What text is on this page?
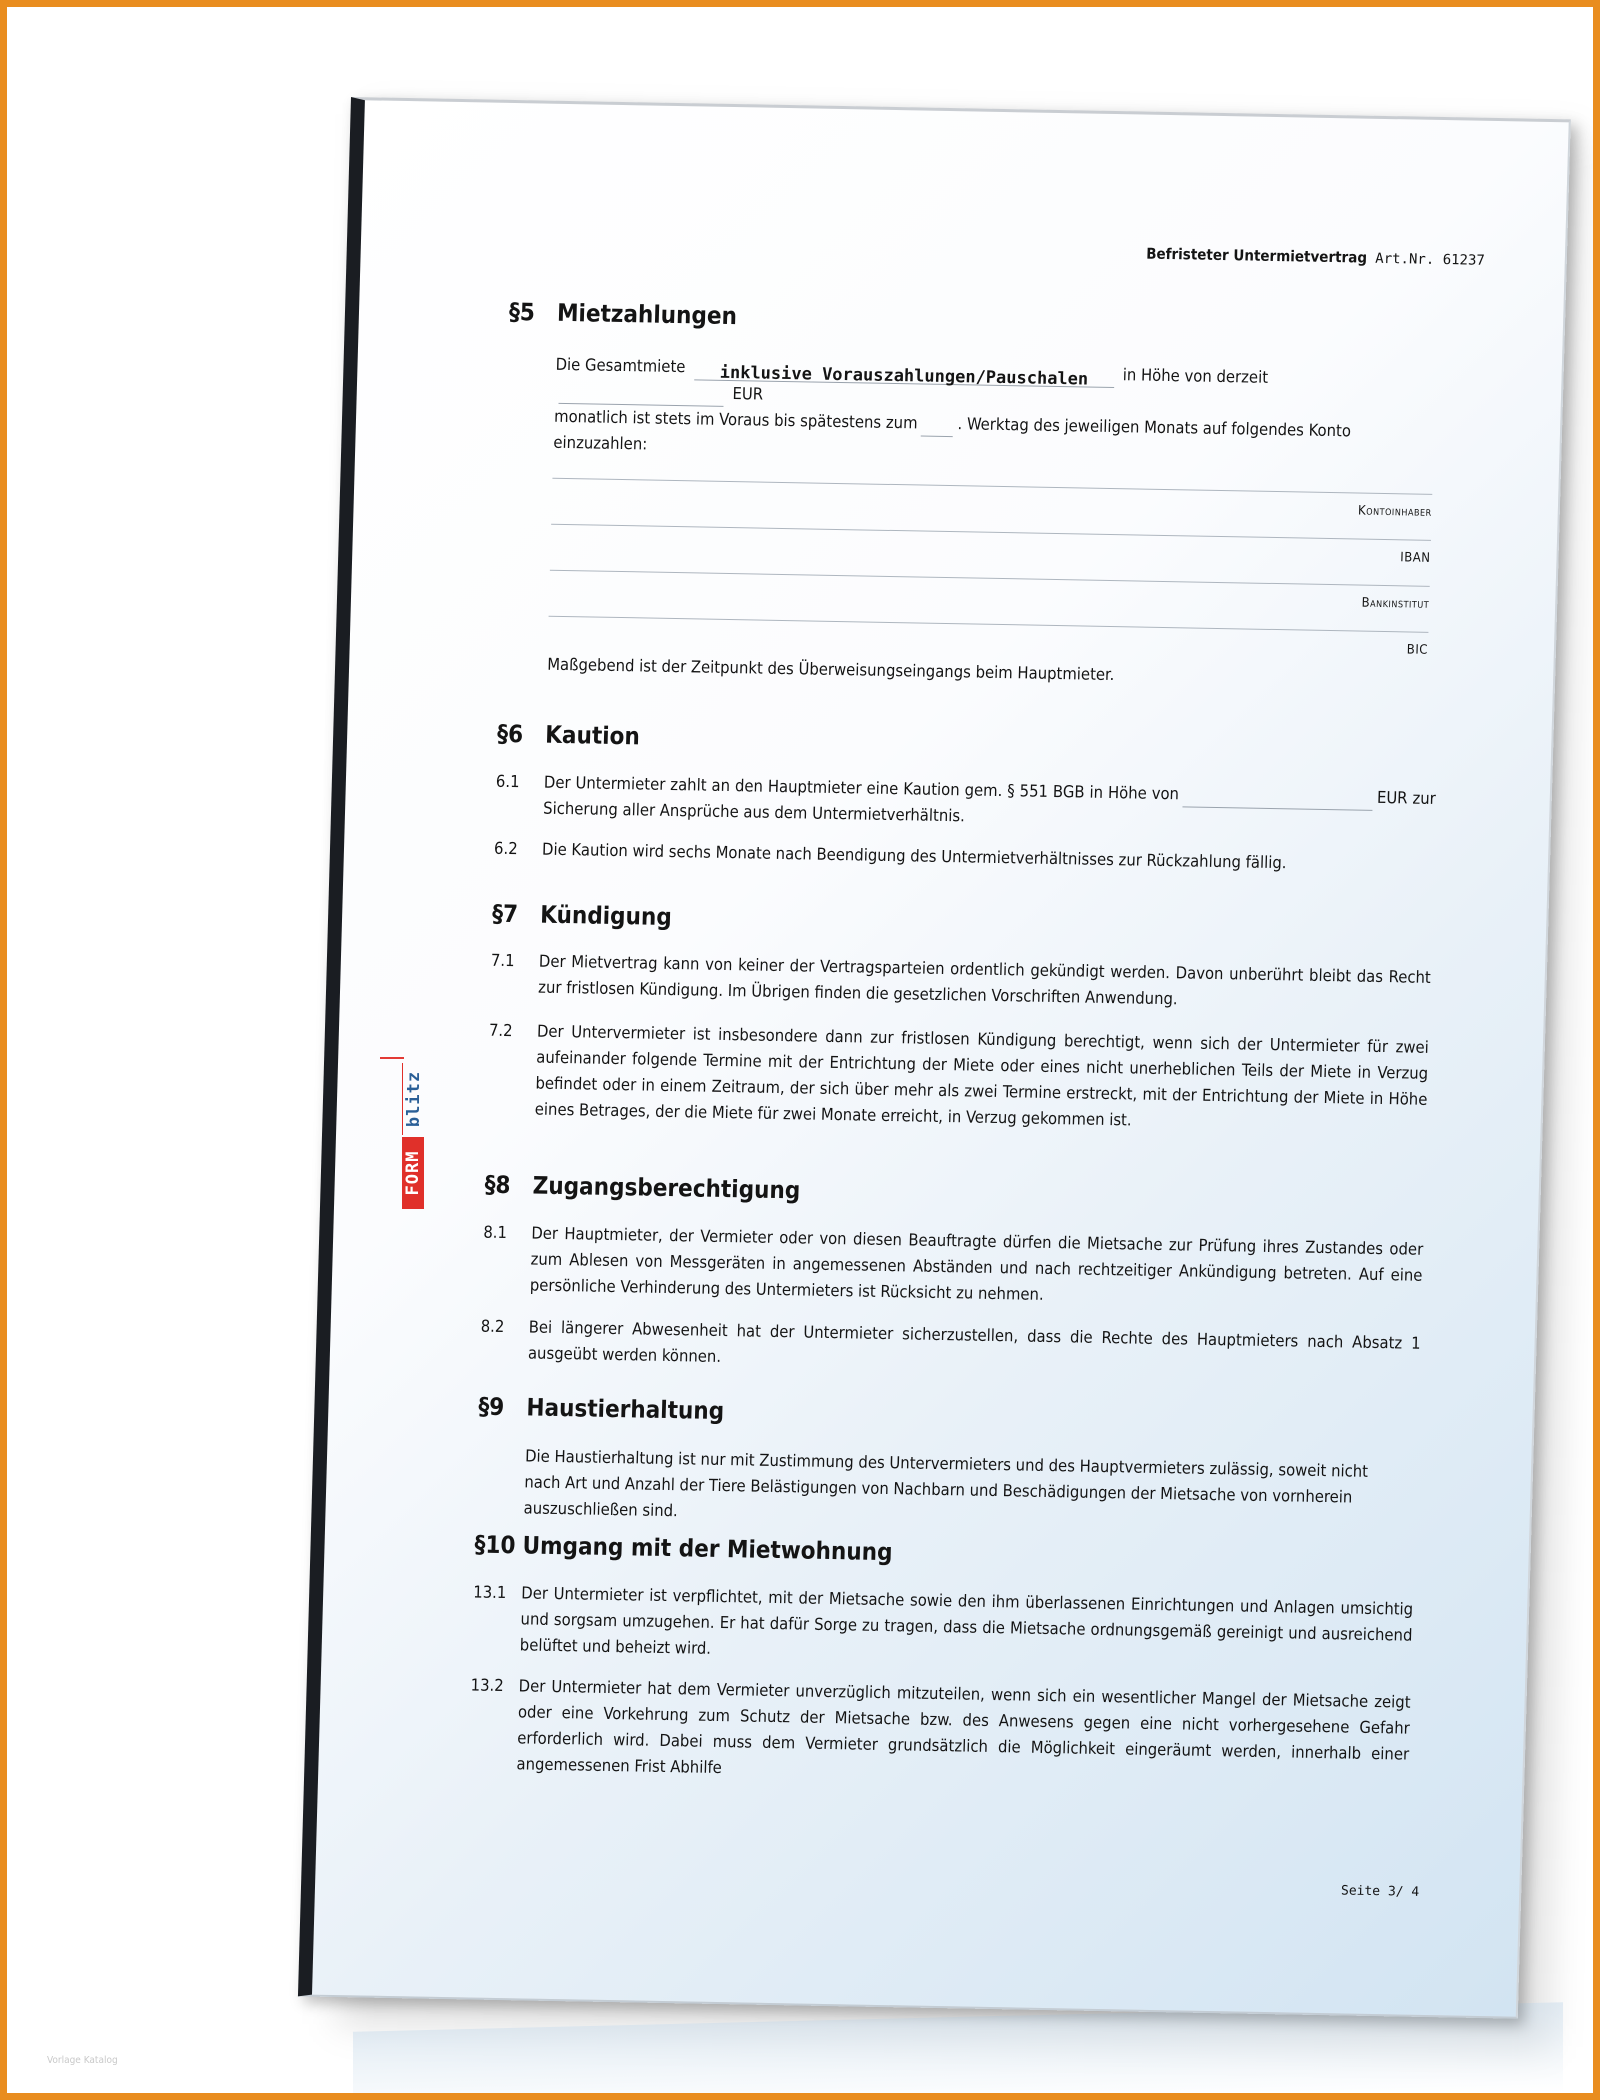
Befristeter Untermietvertrag Art.Nr. 61237
§5 Mietzahlungen
Die Gesamtmiete inklusive Vorauszahlungen/Pauschalen in Höhe von derzeit  EUR
monatlich ist stets im Voraus bis spätestens zum . Werktag des jeweiligen Monats auf folgendes Konto einzuzahlen:
Kontoinhaber
IBAN
Bankinstitut
BIC
Maßgebend ist der Zeitpunkt des Überweisungseingangs beim Hauptmieter.
§6 Kaution
6.1 Der Untermieter zahlt an den Hauptmieter eine Kaution gem. § 551 BGB in Höhe von	EUR zur Sicherung aller Ansprüche aus dem Untermietverhältnis.
6.2 Die Kaution wird sechs Monate nach Beendigung des Untermietverhältnisses zur Rückzahlung fällig.
§7 Kündigung
7.1 Der Mietvertrag kann von keiner der Vertragsparteien ordentlich gekündigt werden. Davon unberührt bleibt das Recht zur fristlosen Kündigung. Im Übrigen finden die gesetzlichen Vorschriften Anwendung.
7.2 Der Untervermieter ist insbesondere dann zur fristlosen Kündigung berechtigt, wenn sich der Untermieter für zwei aufeinander folgende Termine mit der Entrichtung der Miete oder eines nicht unerheblichen Teils der Miete in Verzug befindet oder in einem Zeitraum, der sich über mehr als zwei Termine erstreckt, mit der Entrichtung der Miete in Höhe eines Betrages, der die Miete für zwei Monate erreicht, in Verzug gekommen ist.
§8 Zugangsberechtigung
8.1 Der Hauptmieter, der Vermieter oder von diesen Beauftragte dürfen die Mietsache zur Prüfung ihres Zustandes oder zum Ablesen von Messgeräten in angemessenen Abständen und nach rechtzeitiger Ankündigung betreten. Auf eine persönliche Verhinderung des Untermieters ist Rücksicht zu nehmen.
8.2 Bei längerer Abwesenheit hat der Untermieter sicherzustellen, dass die Rechte des Hauptmieters nach Absatz 1 ausgeübt werden können.
§9 Haustierhaltung
Die Haustierhaltung ist nur mit Zustimmung des Untervermieters und des Hauptvermieters zulässig, soweit nicht nach Art und Anzahl der Tiere Belästigungen von Nachbarn und Beschädigungen der Mietsache von vornherein auszuschließen sind.
§10 Umgang mit der Mietwohnung
13.1 Der Untermieter ist verpflichtet, mit der Mietsache sowie den ihm überlassenen Einrichtungen und Anlagen umsichtig und sorgsam umzugehen. Er hat dafür Sorge zu tragen, dass die Mietsache ordnungsgemäß gereinigt und ausreichend belüftet und beheizt wird.
13.2 Der Untermieter hat dem Vermieter unverzüglich mitzuteilen, wenn sich ein wesentlicher Mangel der Mietsache zeigt oder eine Vorkehrung zum Schutz der Mietsache bzw. des Anwesens gegen eine nicht vorhergesehene Gefahr erforderlich wird. Dabei muss dem Vermieter grundsätzlich die Möglichkeit eingeräumt werden, innerhalb einer angemessenen Frist Abhilfe
Seite 3/ 4
blitz
FORM
Vorlage Katalog
